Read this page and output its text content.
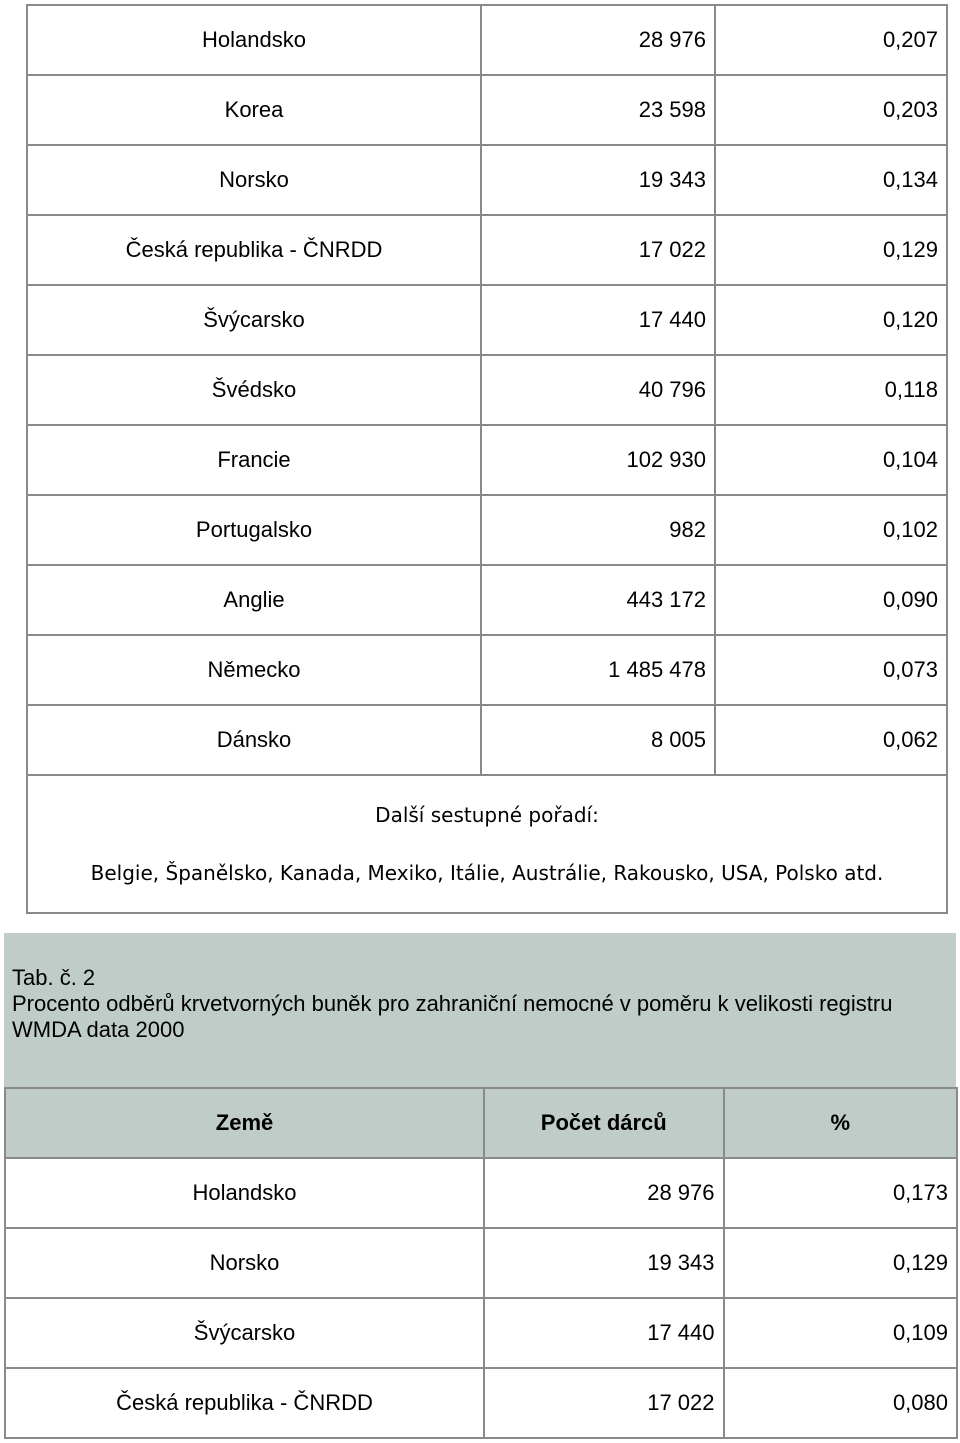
Holandsko	28 976	0,207
Korea	23 598	0,203
Norsko	19 343	0,134
Česká republika - ČNRDD	17 022	0,129
Švýcarsko	17 440	0,120
Švédsko	40 796	0,118
Francie	102 930	0,104
Portugalsko	982	0,102
Anglie	443 172	0,090
Německo	1 485 478	0,073
Dánsko	8 005	0,062

Další sestupné pořadí:
Belgie, Španělsko, Kanada, Mexiko, Itálie, Austrálie, Rakousko, USA, Polsko atd.		
Tab. č. 2
Procento odběrů krvetvorných buněk pro zahraniční nemocné v poměru k velikosti registru
WMDA data 2000
Země	Počet dárců	%
Holandsko	28 976	0,173
Norsko	19 343	0,129
Švýcarsko	17 440	0,109
Česká republika - ČNRDD	17 022	0,080
